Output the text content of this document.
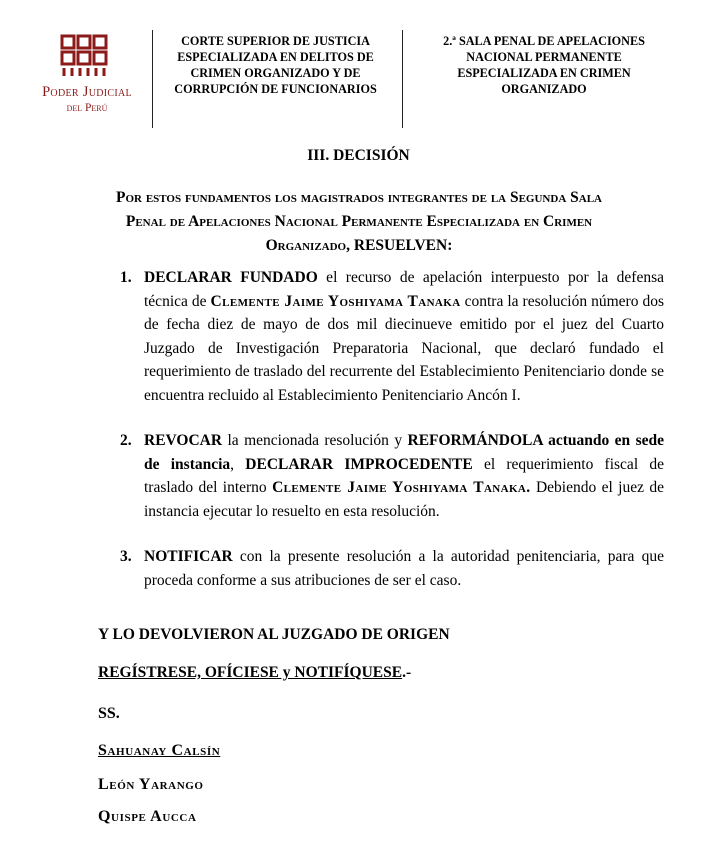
Poder Judicial
del Perú
CORTE SUPERIOR DE JUSTICIA ESPECIALIZADA EN DELITOS DE CRIMEN ORGANIZADO Y DE CORRUPCIÓN DE FUNCIONARIOS
2.ª SALA PENAL DE APELACIONES NACIONAL PERMANENTE ESPECIALIZADA EN CRIMEN ORGANIZADO
III. DECISIÓN
Por estos fundamentos los magistrados integrantes de la Segunda Sala Penal de Apelaciones Nacional Permanente Especializada en Crimen Organizado, RESUELVEN:
1. DECLARAR FUNDADO el recurso de apelación interpuesto por la defensa técnica de Clemente Jaime Yoshiyama Tanaka contra la resolución número dos de fecha diez de mayo de dos mil diecinueve emitido por el juez del Cuarto Juzgado de Investigación Preparatoria Nacional, que declaró fundado el requerimiento de traslado del recurrente del Establecimiento Penitenciario donde se encuentra recluido al Establecimiento Penitenciario Ancón I.
2. REVOCAR la mencionada resolución y REFORMÁNDOLA actuando en sede de instancia, DECLARAR IMPROCEDENTE el requerimiento fiscal de traslado del interno Clemente Jaime Yoshiyama Tanaka. Debiendo el juez de instancia ejecutar lo resuelto en esta resolución.
3. NOTIFICAR con la presente resolución a la autoridad penitenciaria, para que proceda conforme a sus atribuciones de ser el caso.
Y LO DEVOLVIERON AL JUZGADO DE ORIGEN
REGÍSTRESE, OFÍCIESE y NOTIFÍQUESE.-
SS.
Sahuanay Calsín
León Yarango
Quispe Aucca
